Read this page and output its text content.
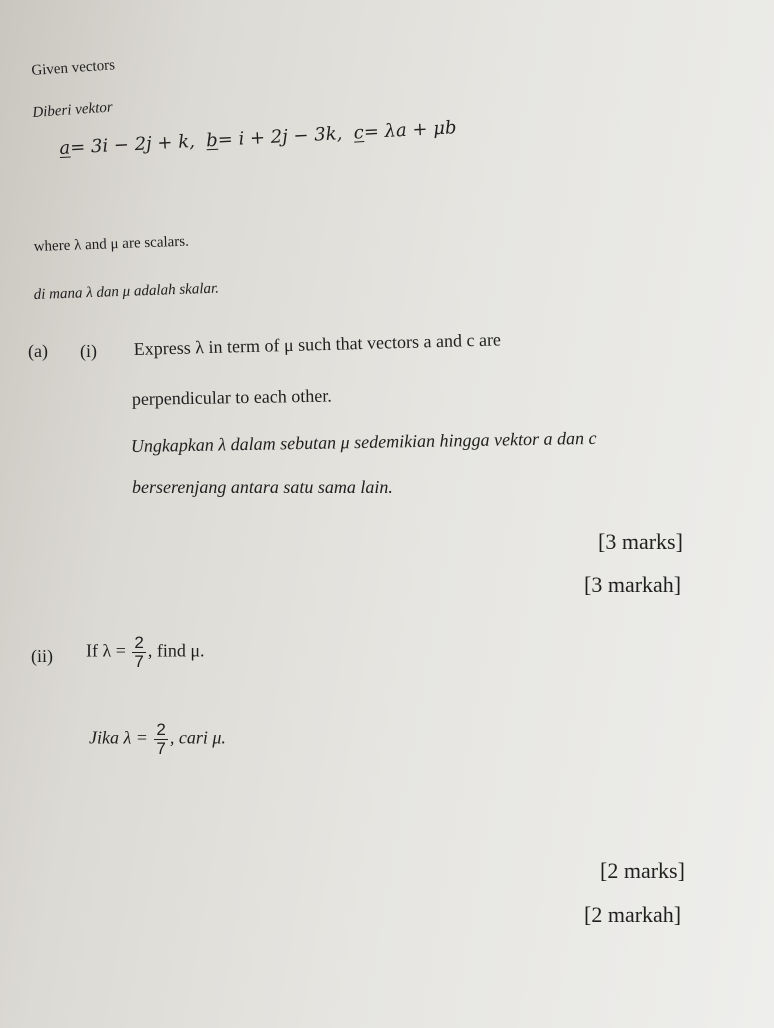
Given vectors
Diberi vektor
a= 3i − 2j + k,  b= i + 2j − 3k,  c= λa + μb
where λ and μ are scalars.
di mana λ dan μ adalah skalar.
(a) (i) Express λ in term of μ such that vectors a and c are
perpendicular to each other.
Ungkapkan λ dalam sebutan μ sedemikian hingga vektor a dan c
berserenjang antara satu sama lain.
[3 marks]
[3 markah]
(ii) If $\lambda = \frac{2}{7}$ , find μ.
Jika $\lambda = \frac{2}{7}$ , cari μ.
[2 marks]
[2 markah]
